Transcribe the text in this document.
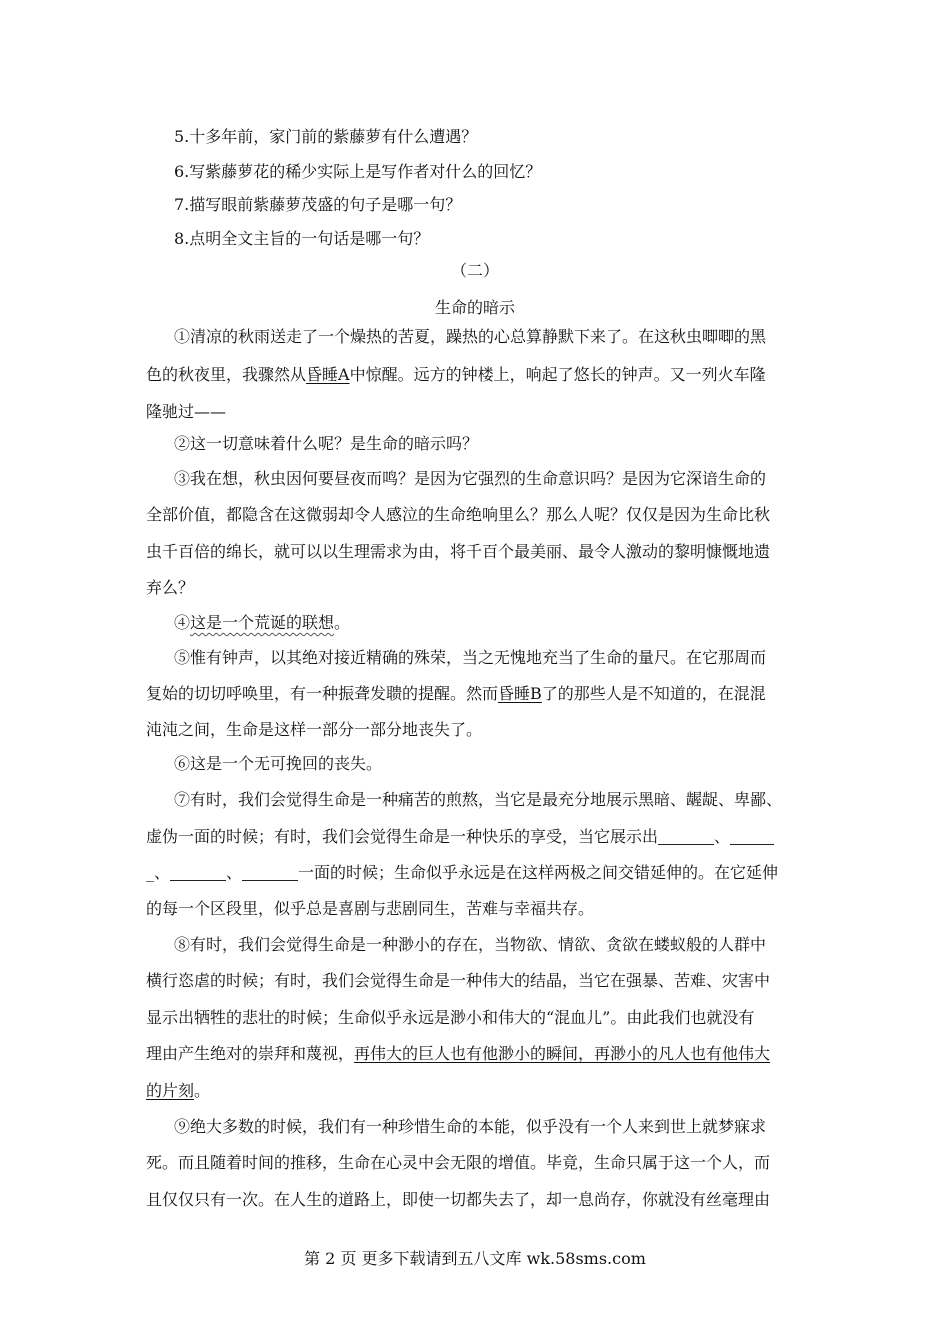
5.十多年前，家门前的紫藤萝有什么遭遇？
6.写紫藤萝花的稀少实际上是写作者对什么的回忆？
7.描写眼前紫藤萝茂盛的句子是哪一句？
8.点明全文主旨的一句话是哪一句？
（二）
生命的暗示
①清凉的秋雨送走了一个燥热的苦夏，躁热的心总算静默下来了。在这秋虫唧唧的黑
色的秋夜里，我骤然从昏睡A中惊醒。远方的钟楼上，响起了悠长的钟声。又一列火车隆
隆驰过——
②这一切意味着什么呢？是生命的暗示吗？
③我在想，秋虫因何要昼夜而鸣？是因为它强烈的生命意识吗？是因为它深谙生命的
全部价值，都隐含在这微弱却令人感泣的生命绝响里么？那么人呢？仅仅是因为生命比秋
虫千百倍的绵长，就可以以生理需求为由，将千百个最美丽、最令人激动的黎明慷慨地遗
弃么？
④这是一个荒诞的联想。
⑤惟有钟声，以其绝对接近精确的殊荣，当之无愧地充当了生命的量尺。在它那周而
复始的切切呼唤里，有一种振聋发聩的提醒。然而昏睡B了的那些人是不知道的，在混混
沌沌之间，生命是这样一部分一部分地丧失了。
⑥这是一个无可挽回的丧失。
⑦有时，我们会觉得生命是一种痛苦的煎熬，当它是最充分地展示黑暗、龌龊、卑鄙、
虚伪一面的时候；有时，我们会觉得生命是一种快乐的享受，当它展示出	、
_、	、	一面的时候；生命似乎永远是在这样两极之间交错延伸的。在它延伸
的每一个区段里，似乎总是喜剧与悲剧同生，苦难与幸福共存。
⑧有时，我们会觉得生命是一种渺小的存在，当物欲、情欲、贪欲在蝼蚁般的人群中
横行恣虐的时候；有时，我们会觉得生命是一种伟大的结晶，当它在强暴、苦难、灾害中
显示出牺牲的悲壮的时候；生命似乎永远是渺小和伟大的“混血儿”。由此我们也就没有
理由产生绝对的崇拜和蔑视，再伟大的巨人也有他渺小的瞬间，再渺小的凡人也有他伟大
的片刻。
⑨绝大多数的时候，我们有一种珍惜生命的本能，似乎没有一个人来到世上就梦寐求
死。而且随着时间的推移，生命在心灵中会无限的增值。毕竟，生命只属于这一个人，而
且仅仅只有一次。在人生的道路上，即使一切都失去了，却一息尚存，你就没有丝毫理由
第 2 页 更多下载请到五八文库 wk.58sms.com
